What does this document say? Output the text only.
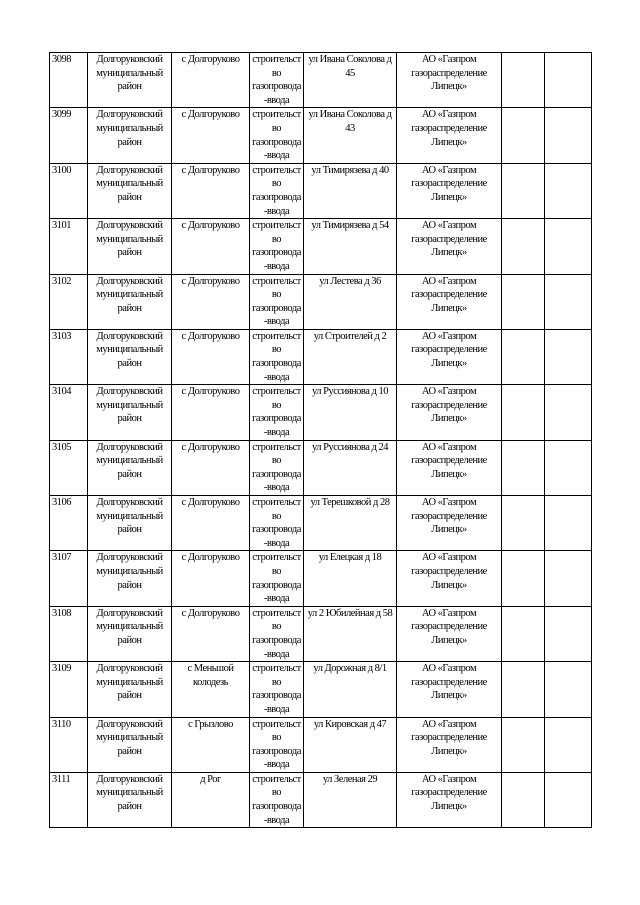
3098	Долгоруковский муниципальный район	с Долгоруково	строительство газопровода-ввода	ул Ивана Соколова д 45	АО «Газпром газораспределение Липецк»		
3099	Долгоруковский муниципальный район	с Долгоруково	строительство газопровода-ввода	ул Ивана Соколова д 43	АО «Газпром газораспределение Липецк»		
3100	Долгоруковский муниципальный район	с Долгоруково	строительство газопровода-ввода	ул Тимирязева д 40	АО «Газпром газораспределение Липецк»		
3101	Долгоруковский муниципальный район	с Долгоруково	строительство газопровода-ввода	ул Тимирязева д 54	АО «Газпром газораспределение Липецк»		
3102	Долгоруковский муниципальный район	с Долгоруково	строительство газопровода-ввода	ул Лестева д 36	АО «Газпром газораспределение Липецк»		
3103	Долгоруковский муниципальный район	с Долгоруково	строительство газопровода-ввода	ул Строителей д 2	АО «Газпром газораспределение Липецк»		
3104	Долгоруковский муниципальный район	с Долгоруково	строительство газопровода-ввода	ул Руссиянова д 10	АО «Газпром газораспределение Липецк»		
3105	Долгоруковский муниципальный район	с Долгоруково	строительство газопровода-ввода	ул Руссиянова д 24	АО «Газпром газораспределение Липецк»		
3106	Долгоруковский муниципальный район	с Долгоруково	строительство газопровода-ввода	ул Терешковой д 28	АО «Газпром газораспределение Липецк»		
3107	Долгоруковский муниципальный район	с Долгоруково	строительство газопровода-ввода	ул Елецкая д 18	АО «Газпром газораспределение Липецк»		
3108	Долгоруковский муниципальный район	с Долгоруково	строительство газопровода-ввода	ул 2 Юбилейная д 58	АО «Газпром газораспределение Липецк»		
3109	Долгоруковский муниципальный район	с Меньшой колодезь	строительство газопровода-ввода	ул Дорожная д 8/1	АО «Газпром газораспределение Липецк»		
3110	Долгоруковский муниципальный район	с Грызлово	строительство газопровода-ввода	ул Кировская д 47	АО «Газпром газораспределение Липецк»		
3111	Долгоруковский муниципальный район	д Рог	строительство газопровода-ввода	ул Зеленая 29	АО «Газпром газораспределение Липецк»		
